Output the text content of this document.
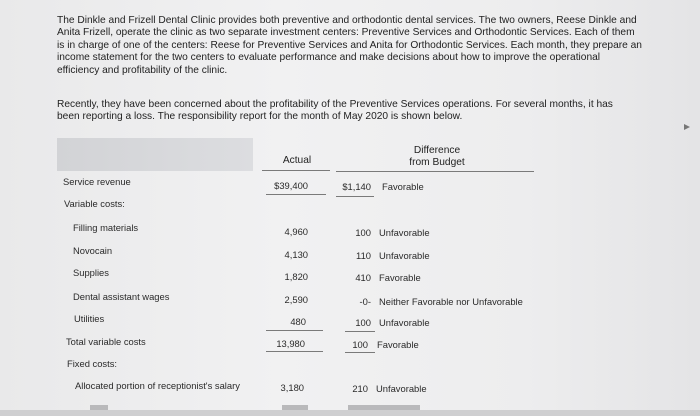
The Dinkle and Frizell Dental Clinic provides both preventive and orthodontic dental services. The two owners, Reese Dinkle and Anita Frizell, operate the clinic as two separate investment centers: Preventive Services and Orthodontic Services. Each of them is in charge of one of the centers: Reese for Preventive Services and Anita for Orthodontic Services. Each month, they prepare an income statement for the two centers to evaluate performance and make decisions about how to improve the operational efficiency and profitability of the clinic.
Recently, they have been concerned about the profitability of the Preventive Services operations. For several months, it has been reporting a loss. The responsibility report for the month of May 2020 is shown below.
Actual
Difference
from Budget
Service revenue	$39,400	$1,140 Favorable
Variable costs:
Filling materials	4,960	100 Unfavorable
Novocain	4,130	110 Unfavorable
Supplies	1,820	410 Favorable
Dental assistant wages	2,590	-0- Neither Favorable nor Unfavorable
Utilities	480	100 Unfavorable
Total variable costs	13,980	100 Favorable
Fixed costs:
Allocated portion of receptionist's salary	3,180	210 Unfavorable
